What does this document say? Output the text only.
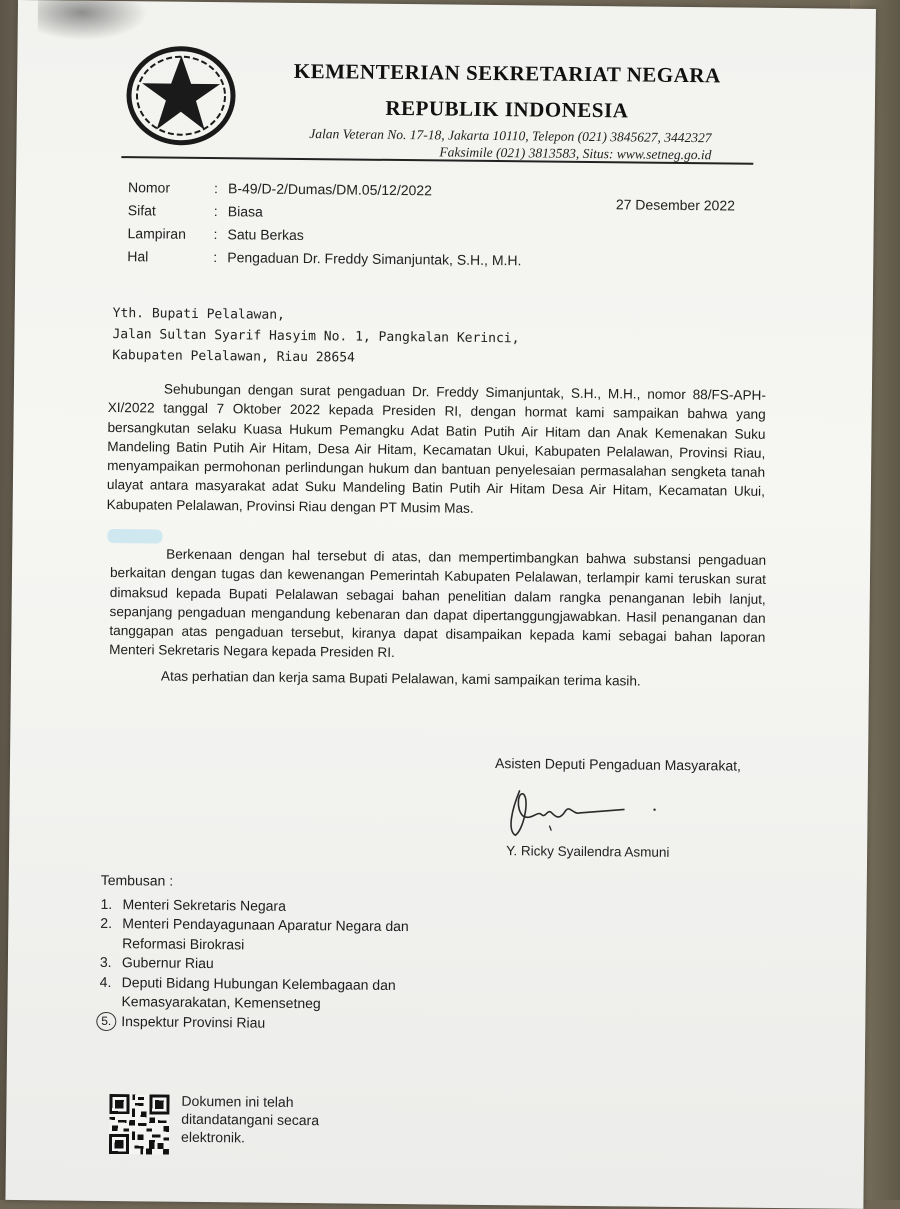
KEMENTERIAN SEKRETARIAT NEGARA
REPUBLIK INDONESIA
Jalan Veteran No. 17-18, Jakarta 10110, Telepon (021) 3845627, 3442327
Faksimile (021) 3813583, Situs: www.setneg.go.id
Nomor	: B-49/D-2/Dumas/DM.05/12/2022
Sifat	: Biasa
Lampiran	: Satu Berkas
Hal	: Pengaduan Dr. Freddy Simanjuntak, S.H., M.H.
27 Desember 2022
Yth. Bupati Pelalawan,
Jalan Sultan Syarif Hasyim No. 1, Pangkalan Kerinci,
Kabupaten Pelalawan, Riau 28654
Sehubungan dengan surat pengaduan Dr. Freddy Simanjuntak, S.H., M.H., nomor 88/FS-APH-XI/2022 tanggal 7 Oktober 2022 kepada Presiden RI, dengan hormat kami sampaikan bahwa yang bersangkutan selaku Kuasa Hukum Pemangku Adat Batin Putih Air Hitam dan Anak Kemenakan Suku Mandeling Batin Putih Air Hitam, Desa Air Hitam, Kecamatan Ukui, Kabupaten Pelalawan, Provinsi Riau, menyampaikan permohonan perlindungan hukum dan bantuan penyelesaian permasalahan sengketa tanah ulayat antara masyarakat adat Suku Mandeling Batin Putih Air Hitam Desa Air Hitam, Kecamatan Ukui, Kabupaten Pelalawan, Provinsi Riau dengan PT Musim Mas.
Berkenaan dengan hal tersebut di atas, dan mempertimbangkan bahwa substansi pengaduan berkaitan dengan tugas dan kewenangan Pemerintah Kabupaten Pelalawan, terlampir kami teruskan surat dimaksud kepada Bupati Pelalawan sebagai bahan penelitian dalam rangka penanganan lebih lanjut, sepanjang pengaduan mengandung kebenaran dan dapat dipertanggungjawabkan. Hasil penanganan dan tanggapan atas pengaduan tersebut, kiranya dapat disampaikan kepada kami sebagai bahan laporan Menteri Sekretaris Negara kepada Presiden RI.
Atas perhatian dan kerja sama Bupati Pelalawan, kami sampaikan terima kasih.
Asisten Deputi Pengaduan Masyarakat,
Y. Ricky Syailendra Asmuni
Tembusan :
1. Menteri Sekretaris Negara
2. Menteri Pendayagunaan Aparatur Negara dan Reformasi Birokrasi
3. Gubernur Riau
4. Deputi Bidang Hubungan Kelembagaan dan Kemasyarakatan, Kemensetneg
5. Inspektur Provinsi Riau
Dokumen ini telah ditandatangani secara elektronik.
